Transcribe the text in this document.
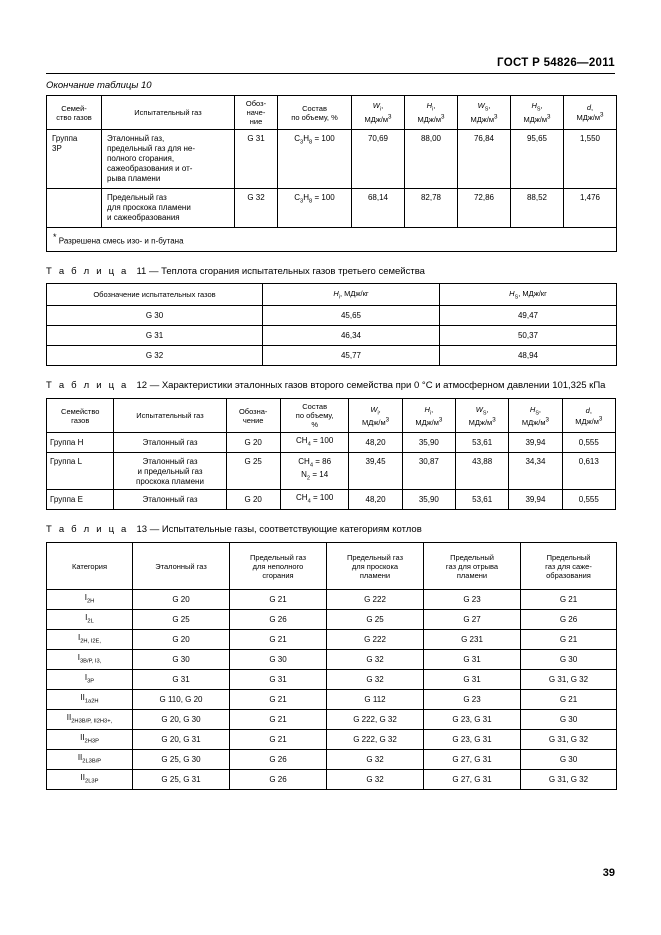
ГОСТ Р 54826—2011
Окончание таблицы 10
Семей-
ство газов	Испытательный газ	Обоз-
наче-
ние	Состав
по объему, %	$W_i$,
МДж/$м^3$	$H_i$,
МДж/$м^3$	$W_S$,
МДж/$м^3$	$H_S$,
МДж/$м^3$	d,
МДж/$м^3$
Группа
3Р	Эталонный газ,
предельный газ для не-
полного сгорания,
сажеобразования и от-
рыва пламени	G 31	$C_3H_8 = 100$	70,69	88,00	76,84	95,65	1,550
	Предельный газ
для проскока пламени
и сажеобразования	G 32	$C_3H_8 = 100$	68,14	82,78	72,86	88,52	1,476
* Разрешена смесь изо- и n-бутана								
Т а б л и ц а 11 — Теплота сгорания испытательных газов третьего семейства
Обозначение испытательных газов	$H_i$, МДж/кг	$H_S$, МДж/кг
G 30	45,65	49,47
G 31	46,34	50,37
G 32	45,77	48,94
Т а б л и ц а 12 — Характеристики эталонных газов второго семейства при 0 °С и атмосферном давлении 101,325 кПа
Семейство
газов	Испытательный газ	Обозна-
чение	Состав
по объему,
%	$W_i$,
МДж/$м^3$	$H_i$,
МДж/$м^3$	$W_S$,
МДж/$м^3$	$H_S$,
МДж/$м^3$	d,
МДж/$м^3$
Группа Н	Эталонный газ	G 20	$CH_4 = 100$	48,20	35,90	53,61	39,94	0,555
Группа L	Эталонный газ
и предельный газ
проскока пламени	G 25	$CH_4 = 86$
$N_2 = 14$	39,45	30,87	43,88	34,34	0,613
Группа Е	Эталонный газ	G 20	$CH_4 = 100$	48,20	35,90	53,61	39,94	0,555
Т а б л и ц а 13 — Испытательные газы, соответствующие категориям котлов
Категория	Эталонный газ	Предельный газ
для неполного
сгорания	Предельный газ
для проскока
пламени	Предельный
газ для отрыва
пламени	Предельный
газ для саже-
образования
$I_{2H}$	G 20	G 21	G 222	G 23	G 21
$I_{2L}$	G 25	G 26	G 25	G 27	G 26
$I_{2H, I2E,}$	G 20	G 21	G 222	G 231	G 21
$I_{3B/P, I3,}$	G 30	G 30	G 32	G 31	G 30
$I_{3P}$	G 31	G 31	G 32	G 31	G 31, G 32
$II_{1a2H}$	G 110, G 20	G 21	G 112	G 23	G 21
$II_{2H3B/P, II2H3+,}$	G 20, G 30	G 21	G 222, G 32	G 23, G 31	G 30
$II_{2H3P}$	G 20, G 31	G 21	G 222, G 32	G 23, G 31	G 31, G 32
$II_{2L3B/P}$	G 25, G 30	G 26	G 32	G 27, G 31	G 30
$II_{2L3P}$	G 25, G 31	G 26	G 32	G 27, G 31	G 31, G 32
39
